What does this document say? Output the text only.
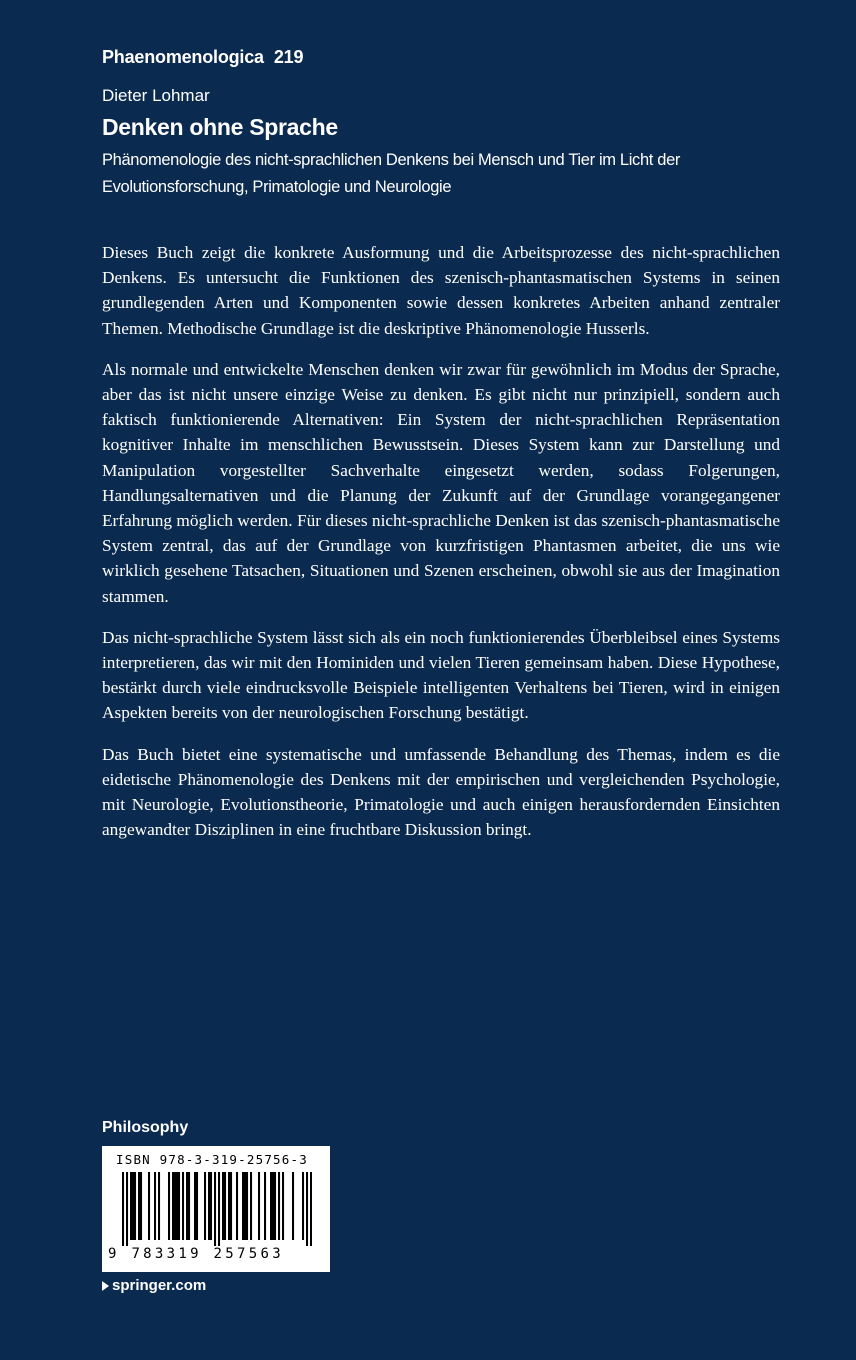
Phaenomenologica 219
Dieter Lohmar
Denken ohne Sprache
Phänomenologie des nicht-sprachlichen Denkens bei Mensch und Tier im Licht der Evolutionsforschung, Primatologie und Neurologie

Dieses Buch zeigt die konkrete Ausformung und die Arbeitsprozesse des nicht-sprachlichen Denkens. Es untersucht die Funktionen des szenisch-phantasmatischen Systems in seinen grundlegenden Arten und Komponenten sowie dessen konkretes Arbeiten anhand zentraler Themen. Methodische Grundlage ist die deskriptive Phänomenologie Husserls.

Als normale und entwickelte Menschen denken wir zwar für gewöhnlich im Modus der Sprache, aber das ist nicht unsere einzige Weise zu denken. Es gibt nicht nur prinzipiell, sondern auch faktisch funktionierende Alternativen: Ein System der nicht-sprachlichen Repräsentation kognitiver Inhalte im menschlichen Bewusstsein. Dieses System kann zur Darstellung und Manipulation vorgestellter Sachverhalte eingesetzt werden, sodass Folgerungen, Handlungsalternativen und die Planung der Zukunft auf der Grundlage vorangegangener Erfahrung möglich werden. Für dieses nicht-sprachliche Denken ist das szenisch-phantasmatische System zentral, das auf der Grundlage von kurzfristigen Phantasmen arbeitet, die uns wie wirklich gesehene Tatsachen, Situationen und Szenen erscheinen, obwohl sie aus der Imagination stammen.

Das nicht-sprachliche System lässt sich als ein noch funktionierendes Überbleibsel eines Systems interpretieren, das wir mit den Hominiden und vielen Tieren gemeinsam haben. Diese Hypothese, bestärkt durch viele eindrucksvolle Beispiele intelligenten Verhaltens bei Tieren, wird in einigen Aspekten bereits von der neurologischen Forschung bestätigt.

Das Buch bietet eine systematische und umfassende Behandlung des Themas, indem es die eidetische Phänomenologie des Denkens mit der empirischen und vergleichenden Psychologie, mit Neurologie, Evolutionstheorie, Primatologie und auch einigen herausfordernden Einsichten angewandter Disziplinen in eine fruchtbare Diskussion bringt.

Philosophy
ISBN 978-3-319-25756-3
9 783319 257563
springer.com
